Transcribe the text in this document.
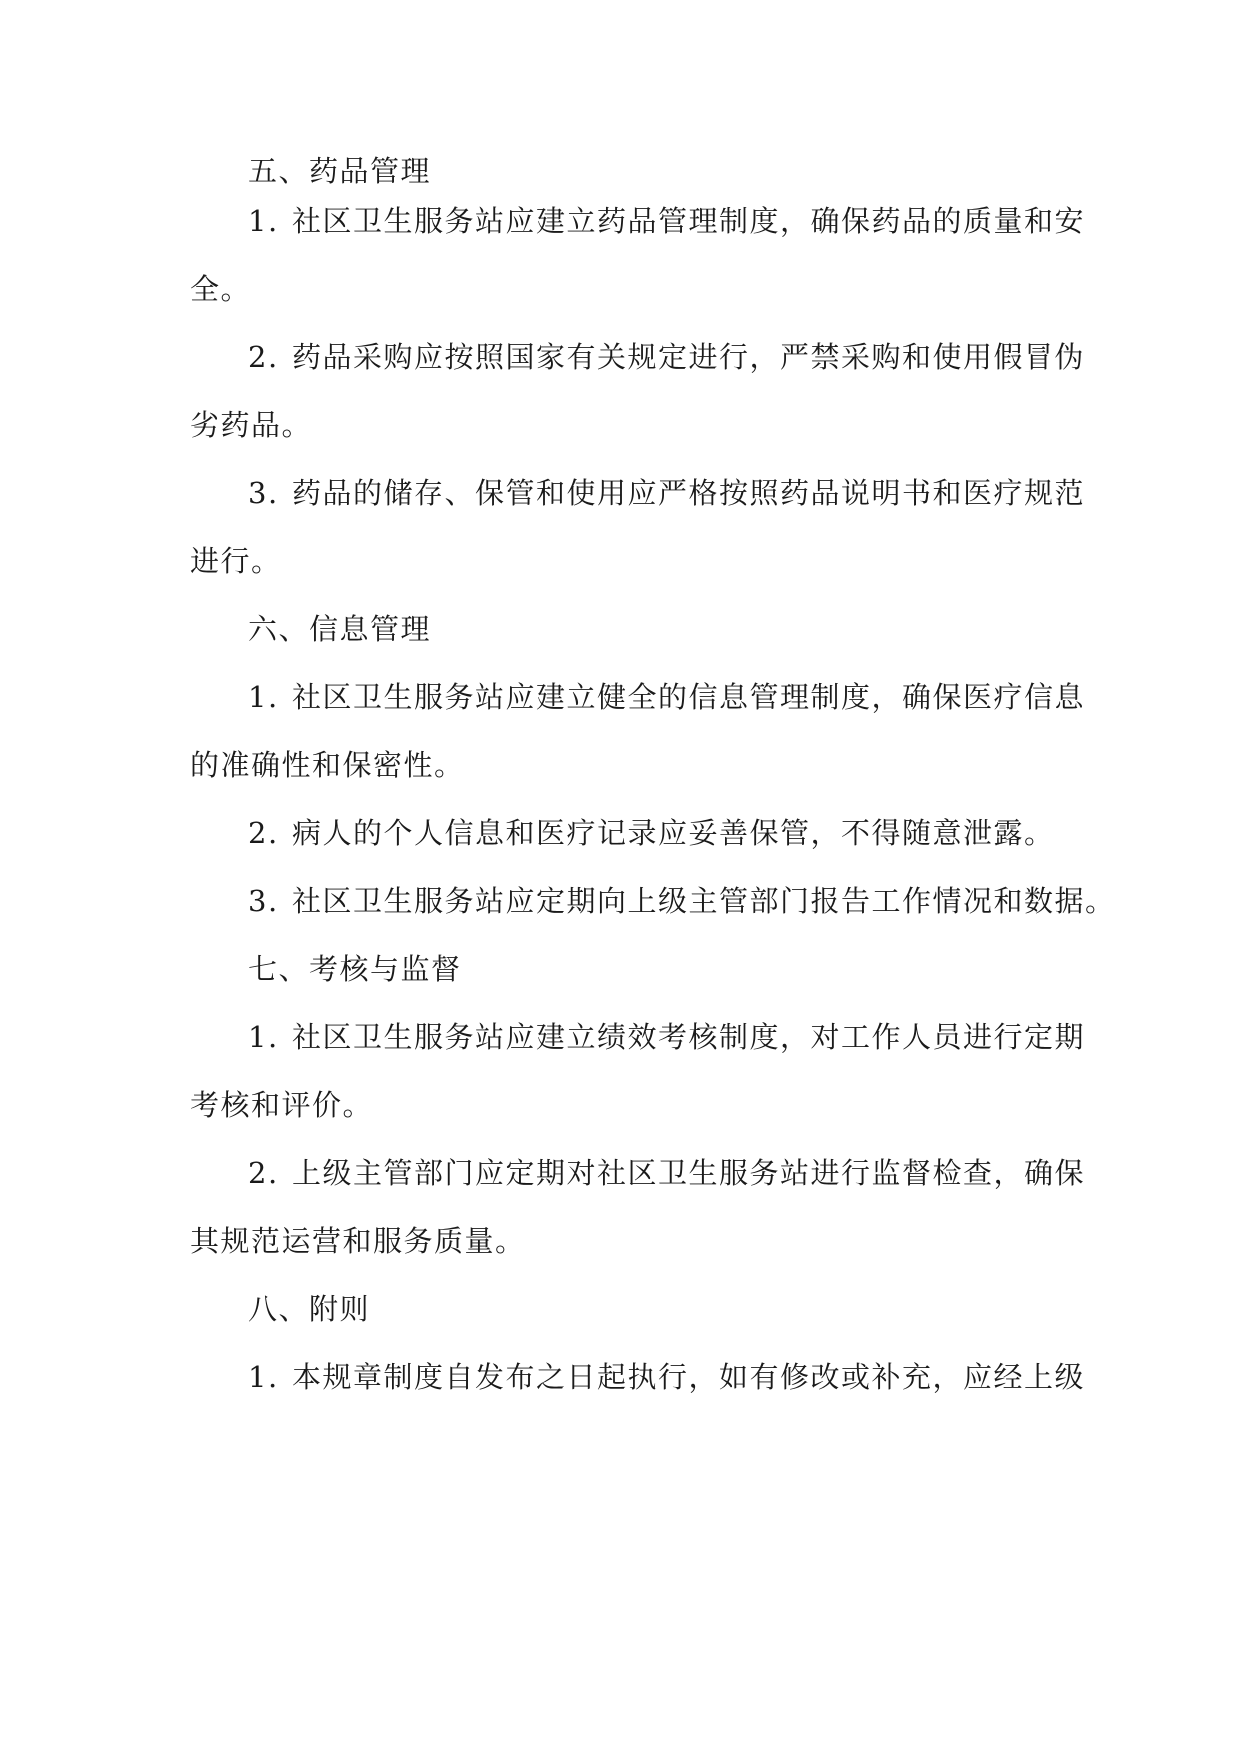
五、药品管理
1. 社区卫生服务站应建立药品管理制度，确保药品的质量和安
全。
2. 药品采购应按照国家有关规定进行，严禁采购和使用假冒伪
劣药品。
3. 药品的储存、保管和使用应严格按照药品说明书和医疗规范
进行。
六、信息管理
1. 社区卫生服务站应建立健全的信息管理制度，确保医疗信息
的准确性和保密性。
2. 病人的个人信息和医疗记录应妥善保管，不得随意泄露。
3. 社区卫生服务站应定期向上级主管部门报告工作情况和数据。
七、考核与监督
1. 社区卫生服务站应建立绩效考核制度，对工作人员进行定期
考核和评价。
2. 上级主管部门应定期对社区卫生服务站进行监督检查，确保
其规范运营和服务质量。
八、附则
1. 本规章制度自发布之日起执行，如有修改或补充，应经上级
